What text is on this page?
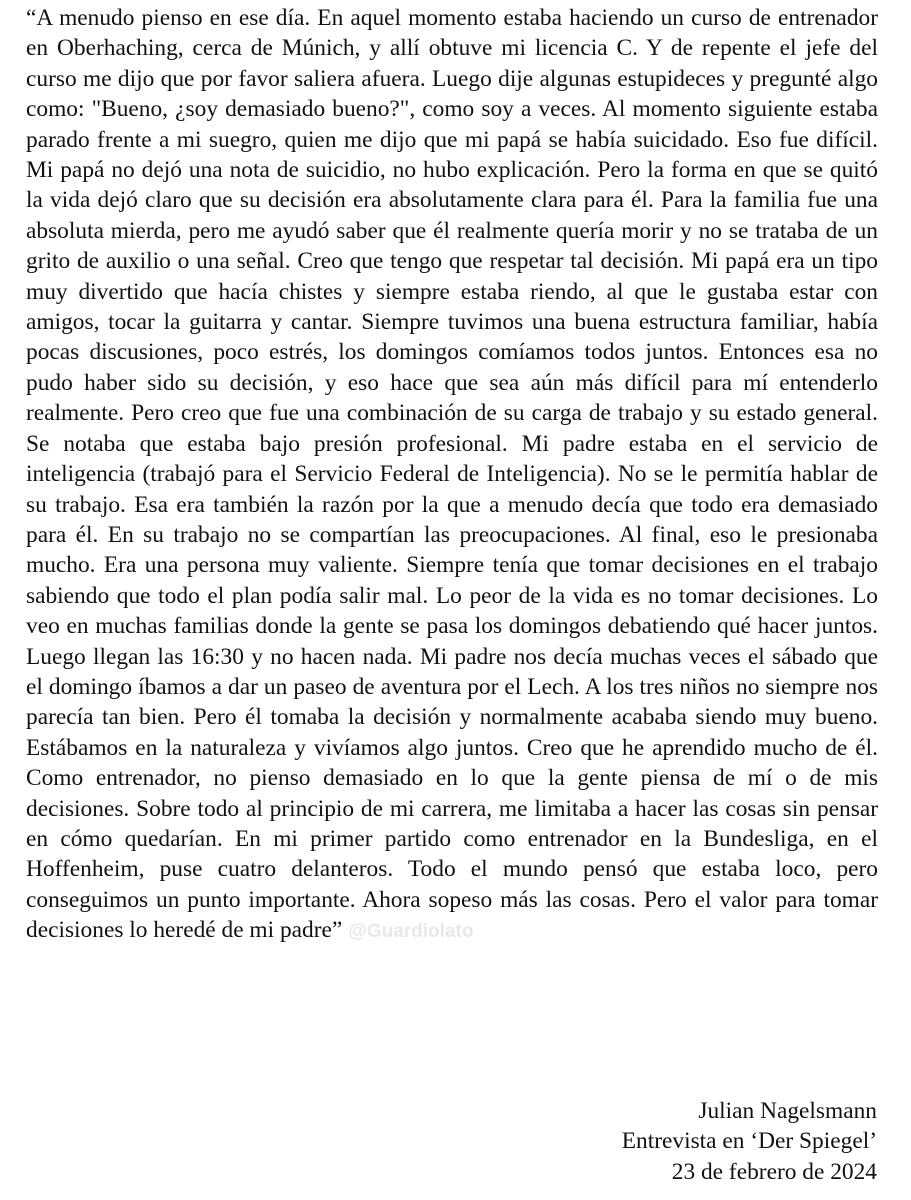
“A menudo pienso en ese día. En aquel momento estaba haciendo un curso de entrenador en Oberhaching, cerca de Múnich, y allí obtuve mi licencia C. Y de repente el jefe del curso me dijo que por favor saliera afuera. Luego dije algunas estupideces y pregunté algo como: "Bueno, ¿soy demasiado bueno?", como soy a veces. Al momento siguiente estaba parado frente a mi suegro, quien me dijo que mi papá se había suicidado. Eso fue difícil. Mi papá no dejó una nota de suicidio, no hubo explicación. Pero la forma en que se quitó la vida dejó claro que su decisión era absolutamente clara para él. Para la familia fue una absoluta mierda, pero me ayudó saber que él realmente quería morir y no se trataba de un grito de auxilio o una señal. Creo que tengo que respetar tal decisión. Mi papá era un tipo muy divertido que hacía chistes y siempre estaba riendo, al que le gustaba estar con amigos, tocar la guitarra y cantar. Siempre tuvimos una buena estructura familiar, había pocas discusiones, poco estrés, los domingos comíamos todos juntos. Entonces esa no pudo haber sido su decisión, y eso hace que sea aún más difícil para mí entenderlo realmente. Pero creo que fue una combinación de su carga de trabajo y su estado general. Se notaba que estaba bajo presión profesional. Mi padre estaba en el servicio de inteligencia (trabajó para el Servicio Federal de Inteligencia). No se le permitía hablar de su trabajo. Esa era también la razón por la que a menudo decía que todo era demasiado para él. En su trabajo no se compartían las preocupaciones. Al final, eso le presionaba mucho. Era una persona muy valiente. Siempre tenía que tomar decisiones en el trabajo sabiendo que todo el plan podía salir mal. Lo peor de la vida es no tomar decisiones. Lo veo en muchas familias donde la gente se pasa los domingos debatiendo qué hacer juntos. Luego llegan las 16:30 y no hacen nada. Mi padre nos decía muchas veces el sábado que el domingo íbamos a dar un paseo de aventura por el Lech. A los tres niños no siempre nos parecía tan bien. Pero él tomaba la decisión y normalmente acababa siendo muy bueno. Estábamos en la naturaleza y vivíamos algo juntos. Creo que he aprendido mucho de él. Como entrenador, no pienso demasiado en lo que la gente piensa de mí o de mis decisiones. Sobre todo al principio de mi carrera, me limitaba a hacer las cosas sin pensar en cómo quedarían. En mi primer partido como entrenador en la Bundesliga, en el Hoffenheim, puse cuatro delanteros. Todo el mundo pensó que estaba loco, pero conseguimos un punto importante. Ahora sopeso más las cosas. Pero el valor para tomar decisiones lo heredé de mi padre” @Guardiolato

Julian Nagelsmann
Entrevista en ‘Der Spiegel’
23 de febrero de 2024
